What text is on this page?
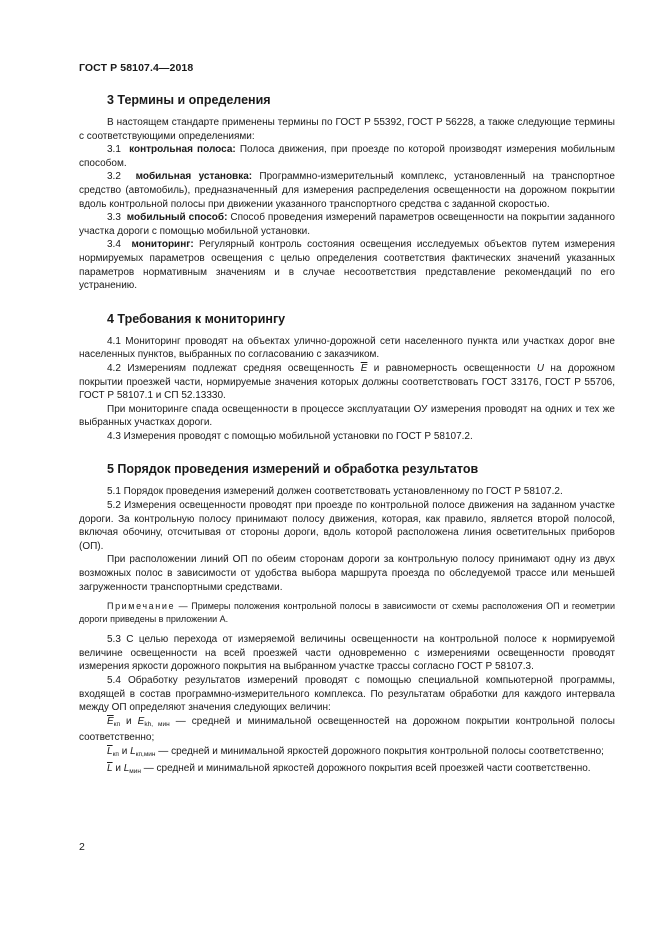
ГОСТ Р 58107.4—2018
3 Термины и определения

В настоящем стандарте применены термины по ГОСТ Р 55392, ГОСТ Р 56228, а также следующие термины с соответствующими определениями:

3.1 контрольная полоса: Полоса движения, при проезде по которой производят измерения мобильным способом.

3.2 мобильная установка: Программно-измерительный комплекс, установленный на транспортное средство (автомобиль), предназначенный для измерения распределения освещенности на дорожном покрытии вдоль контрольной полосы при движении указанного транспортного средства с заданной скоростью.

3.3 мобильный способ: Способ проведения измерений параметров освещенности на покрытии заданного участка дороги с помощью мобильной установки.

3.4 мониторинг: Регулярный контроль состояния освещения исследуемых объектов путем измерения нормируемых параметров освещения с целью определения соответствия фактических значений указанных параметров нормативным значениям и в случае несоответствия представление рекомендаций по его устранению.

4 Требования к мониторингу

4.1 Мониторинг проводят на объектах улично-дорожной сети населенного пункта или участках дорог вне населенных пунктов, выбранных по согласованию с заказчиком.

4.2 Измерениям подлежат средняя освещенность $\overline{E}$ и равномерность освещенности U на дорожном покрытии проезжей части, нормируемые значения которых должны соответствовать ГОСТ 33176, ГОСТ Р 55706, ГОСТ Р 58107.1 и СП 52.13330.

При мониторинге спада освещенности в процессе эксплуатации ОУ измерения проводят на одних и тех же выбранных участках дороги.

4.3 Измерения проводят с помощью мобильной установки по ГОСТ Р 58107.2.

5 Порядок проведения измерений и обработка результатов

5.1 Порядок проведения измерений должен соответствовать установленному по ГОСТ Р 58107.2.

5.2 Измерения освещенности проводят при проезде по контрольной полосе движения на заданном участке дороги. За контрольную полосу принимают полосу движения, которая, как правило, является второй полосой, включая обочину, отсчитывая от стороны дороги, вдоль которой расположена линия осветительных приборов (ОП).

При расположении линий ОП по обеим сторонам дороги за контрольную полосу принимают одну из двух возможных полос в зависимости от удобства выбора маршрута проезда по обследуемой трассе или меньшей загруженности транспортными средствами.

Примечание — Примеры положения контрольной полосы в зависимости от схемы расположения ОП и геометрии дороги приведены в приложении А.

5.3 С целью перехода от измеряемой величины освещенности на контрольной полосе к нормируемой величине освещенности на всей проезжей части одновременно с измерениями освещенности проводят измерения яркости дорожного покрытия на выбранном участке трассы согласно ГОСТ Р 58107.3.

5.4 Обработку результатов измерений проводят с помощью специальной компьютерной программы, входящей в состав программно-измерительного комплекса. По результатам обработки для каждого интервала между ОП определяют значения следующих величин:

$\overline{E}_{кп}$ и $E_{kh, мин}$ — средней и минимальной освещенностей на дорожном покрытии контрольной полосы соответственно;

$\overline{L}_{кп}$ и $L_{кп,мин}$ — средней и минимальной яркостей дорожного покрытия контрольной полосы соответственно;

$\overline{L}$ и $L_{мин}$ — средней и минимальной яркостей дорожного покрытия всей проезжей части соответственно.

2
